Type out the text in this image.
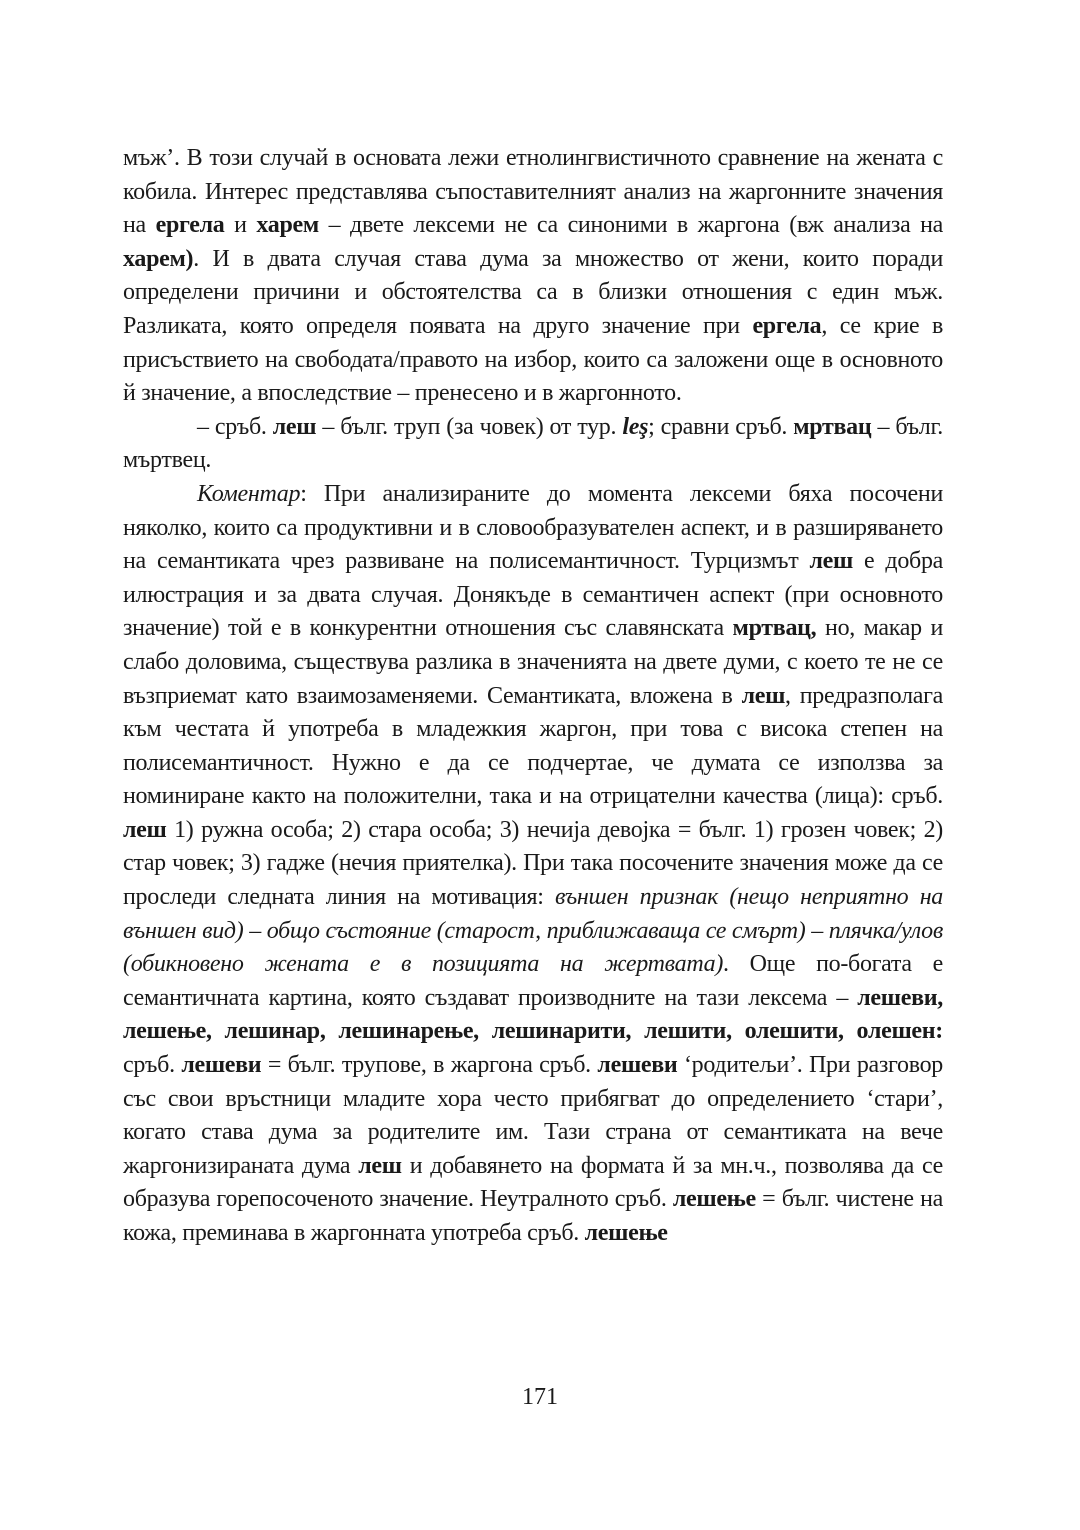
мъж’. В този случай в основата лежи етнолингвистичното сравнение на жената с кобила. Интерес представлява съпоставителният анализ на жаргонните значения на ергела и харем – двете лексеми не са синоними в жаргона (вж анализа на харем). И в двата случая става дума за множество от жени, които поради определени причини и обстоятелства са в близки отношения с един мъж. Разликата, която определя появата на друго значение при ергела, се крие в присъствието на свободата/правото на избор, които са заложени още в основното й значение, а впоследствие – пренесено и в жаргонното.

– сръб. леш – бълг. труп (за човек) от тур. leş; сравни сръб. мртвац – бълг. мъртвец.

Коментар: При анализираните до момента лексеми бяха посочени няколко, които са продуктивни и в словообразувателен аспект, и в разширяването на семантиката чрез развиване на полисемантичност. Турцизмът леш е добра илюстрация и за двата случая. Донякъде в семантичен аспект (при основното значение) той е в конкурентни отношения със славянската мртвац, но, макар и слабо доловима, съществува разлика в значенията на двете думи, с което те не се възприемат като взаимозаменяеми. Семантиката, вложена в леш, предразполага към честата й употреба в младежкия жаргон, при това с висока степен на полисемантичност. Нужно е да се подчертае, че думата се използва за номиниране както на положителни, така и на отрицателни качества (лица): сръб. леш 1) ружна особа; 2) стара особа; 3) нечија девојка = бълг. 1) грозен човек; 2) стар човек; 3) гадже (нечия приятелка). При така посочените значения може да се проследи следната линия на мотивация: външен признак (нещо неприятно на външен вид) – общо състояние (старост, приближаваща се смърт) – плячка/улов (обикновено жената е в позицията на жертвата). Още по-богата е семантичната картина, която създават производните на тази лексема – лешеви, лешење, лешинар, лешинарење, лешинарити, лешити, олешити, олешен: сръб. лешеви = бълг. трупове, в жаргона сръб. лешеви ‘родитељи’. При разговор със свои връстници младите хора често прибягват до определението ‘стари’, когато става дума за родителите им. Тази страна от семантиката на вече жаргонизираната дума леш и добавянето на формата й за мн.ч., позволява да се образува горепосоченото значение. Неутралното сръб. лешење = бълг. чистене на кожа, преминава в жаргонната употреба сръб. лешење

171
